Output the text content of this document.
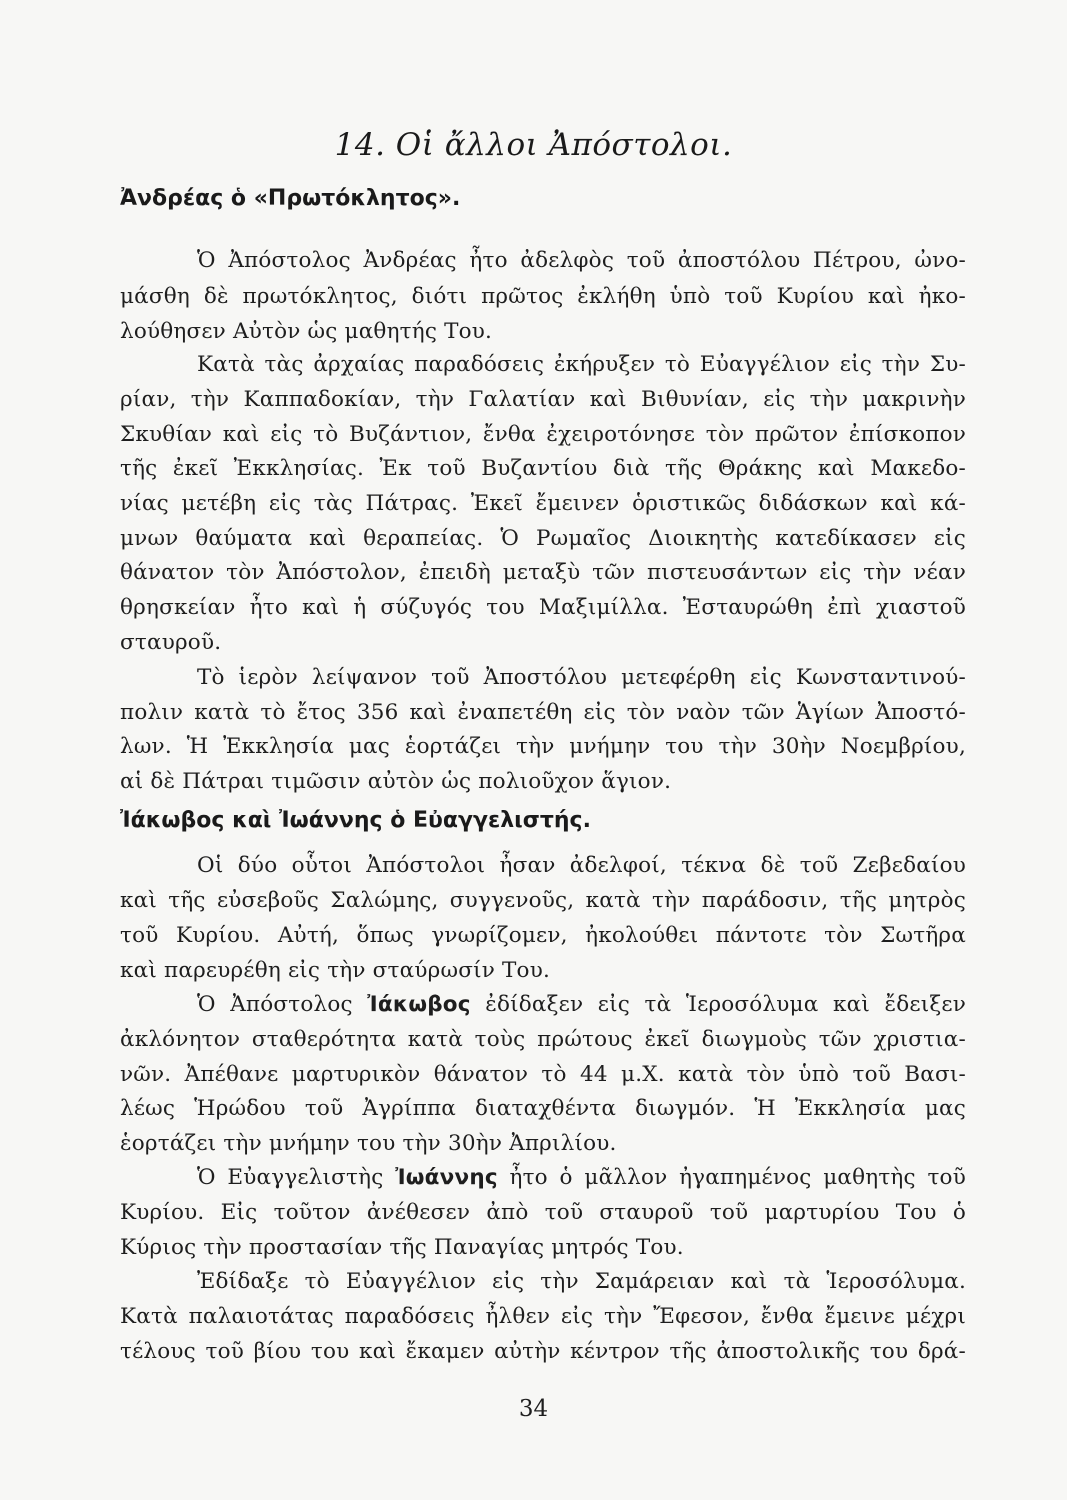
14. Οἱ ἄλλοι Ἀπόστολοι.
Ἀνδρέας ὁ «Πρωτόκλητος».
Ὁ Ἀπόστολος Ἀνδρέας ἦτο ἀδελφὸς τοῦ ἀποστόλου Πέτρου, ὠνο-
μάσθη δὲ πρωτόκλητος, διότι πρῶτος ἐκλήθη ὑπὸ τοῦ Κυρίου καὶ ἠκο-
λούθησεν Αὐτὸν ὡς μαθητής Του.
Κατὰ τὰς ἀρχαίας παραδόσεις ἐκήρυξεν τὸ Εὐαγγέλιον εἰς τὴν Συ-
ρίαν, τὴν Καππαδοκίαν, τὴν Γαλατίαν καὶ Βιθυνίαν, εἰς τὴν μακρινὴν
Σκυθίαν καὶ εἰς τὸ Βυζάντιον, ἔνθα ἐχειροτόνησε τὸν πρῶτον ἐπίσκοπον
τῆς ἐκεῖ Ἐκκλησίας. Ἐκ τοῦ Βυζαντίου διὰ τῆς Θράκης καὶ Μακεδο-
νίας μετέβη εἰς τὰς Πάτρας. Ἐκεῖ ἔμεινεν ὁριστικῶς διδάσκων καὶ κά-
μνων θαύματα καὶ θεραπείας. Ὁ Ρωμαῖος Διοικητὴς κατεδίκασεν εἰς
θάνατον τὸν Ἀπόστολον, ἐπειδὴ μεταξὺ τῶν πιστευσάντων εἰς τὴν νέαν
θρησκείαν ἦτο καὶ ἡ σύζυγός του Μαξιμίλλα. Ἐσταυρώθη ἐπὶ χιαστοῦ
σταυροῦ.
Τὸ ἱερὸν λείψανον τοῦ Ἀποστόλου μετεφέρθη εἰς Κωνσταντινού-
πολιν κατὰ τὸ ἔτος 356 καὶ ἐναπετέθη εἰς τὸν ναὸν τῶν Ἁγίων Ἀποστό-
λων. Ἡ Ἐκκλησία μας ἑορτάζει τὴν μνήμην του τὴν 30ὴν Νοεμβρίου,
αἱ δὲ Πάτραι τιμῶσιν αὐτὸν ὡς πολιοῦχον ἅγιον.
Ἰάκωβος καὶ Ἰωάννης ὁ Εὐαγγελιστής.
Οἱ δύο οὗτοι Ἀπόστολοι ἦσαν ἀδελφοί, τέκνα δὲ τοῦ Ζεβεδαίου
καὶ τῆς εὐσεβοῦς Σαλώμης, συγγενοῦς, κατὰ τὴν παράδοσιν, τῆς μητρὸς
τοῦ Κυρίου. Αὐτή, ὅπως γνωρίζομεν, ἠκολούθει πάντοτε τὸν Σωτῆρα
καὶ παρευρέθη εἰς τὴν σταύρωσίν Του.
Ὁ Ἀπόστολος Ἰάκωβος ἐδίδαξεν εἰς τὰ Ἱεροσόλυμα καὶ ἔδειξεν
ἀκλόνητον σταθερότητα κατὰ τοὺς πρώτους ἐκεῖ διωγμοὺς τῶν χριστια-
νῶν. Ἀπέθανε μαρτυρικὸν θάνατον τὸ 44 μ.Χ. κατὰ τὸν ὑπὸ τοῦ Βασι-
λέως Ἡρώδου τοῦ Ἀγρίππα διαταχθέντα διωγμόν. Ἡ Ἐκκλησία μας
ἑορτάζει τὴν μνήμην του τὴν 30ὴν Ἀπριλίου.
Ὁ Εὐαγγελιστὴς Ἰωάννης ἦτο ὁ μᾶλλον ἠγαπημένος μαθητὴς τοῦ
Κυρίου. Εἰς τοῦτον ἀνέθεσεν ἀπὸ τοῦ σταυροῦ τοῦ μαρτυρίου Του ὁ
Κύριος τὴν προστασίαν τῆς Παναγίας μητρός Του.
Ἐδίδαξε τὸ Εὐαγγέλιον εἰς τὴν Σαμάρειαν καὶ τὰ Ἱεροσόλυμα.
Κατὰ παλαιοτάτας παραδόσεις ἦλθεν εἰς τὴν Ἔφεσον, ἔνθα ἔμεινε μέχρι
τέλους τοῦ βίου του καὶ ἔκαμεν αὐτὴν κέντρον τῆς ἀποστολικῆς του δρά-
34
